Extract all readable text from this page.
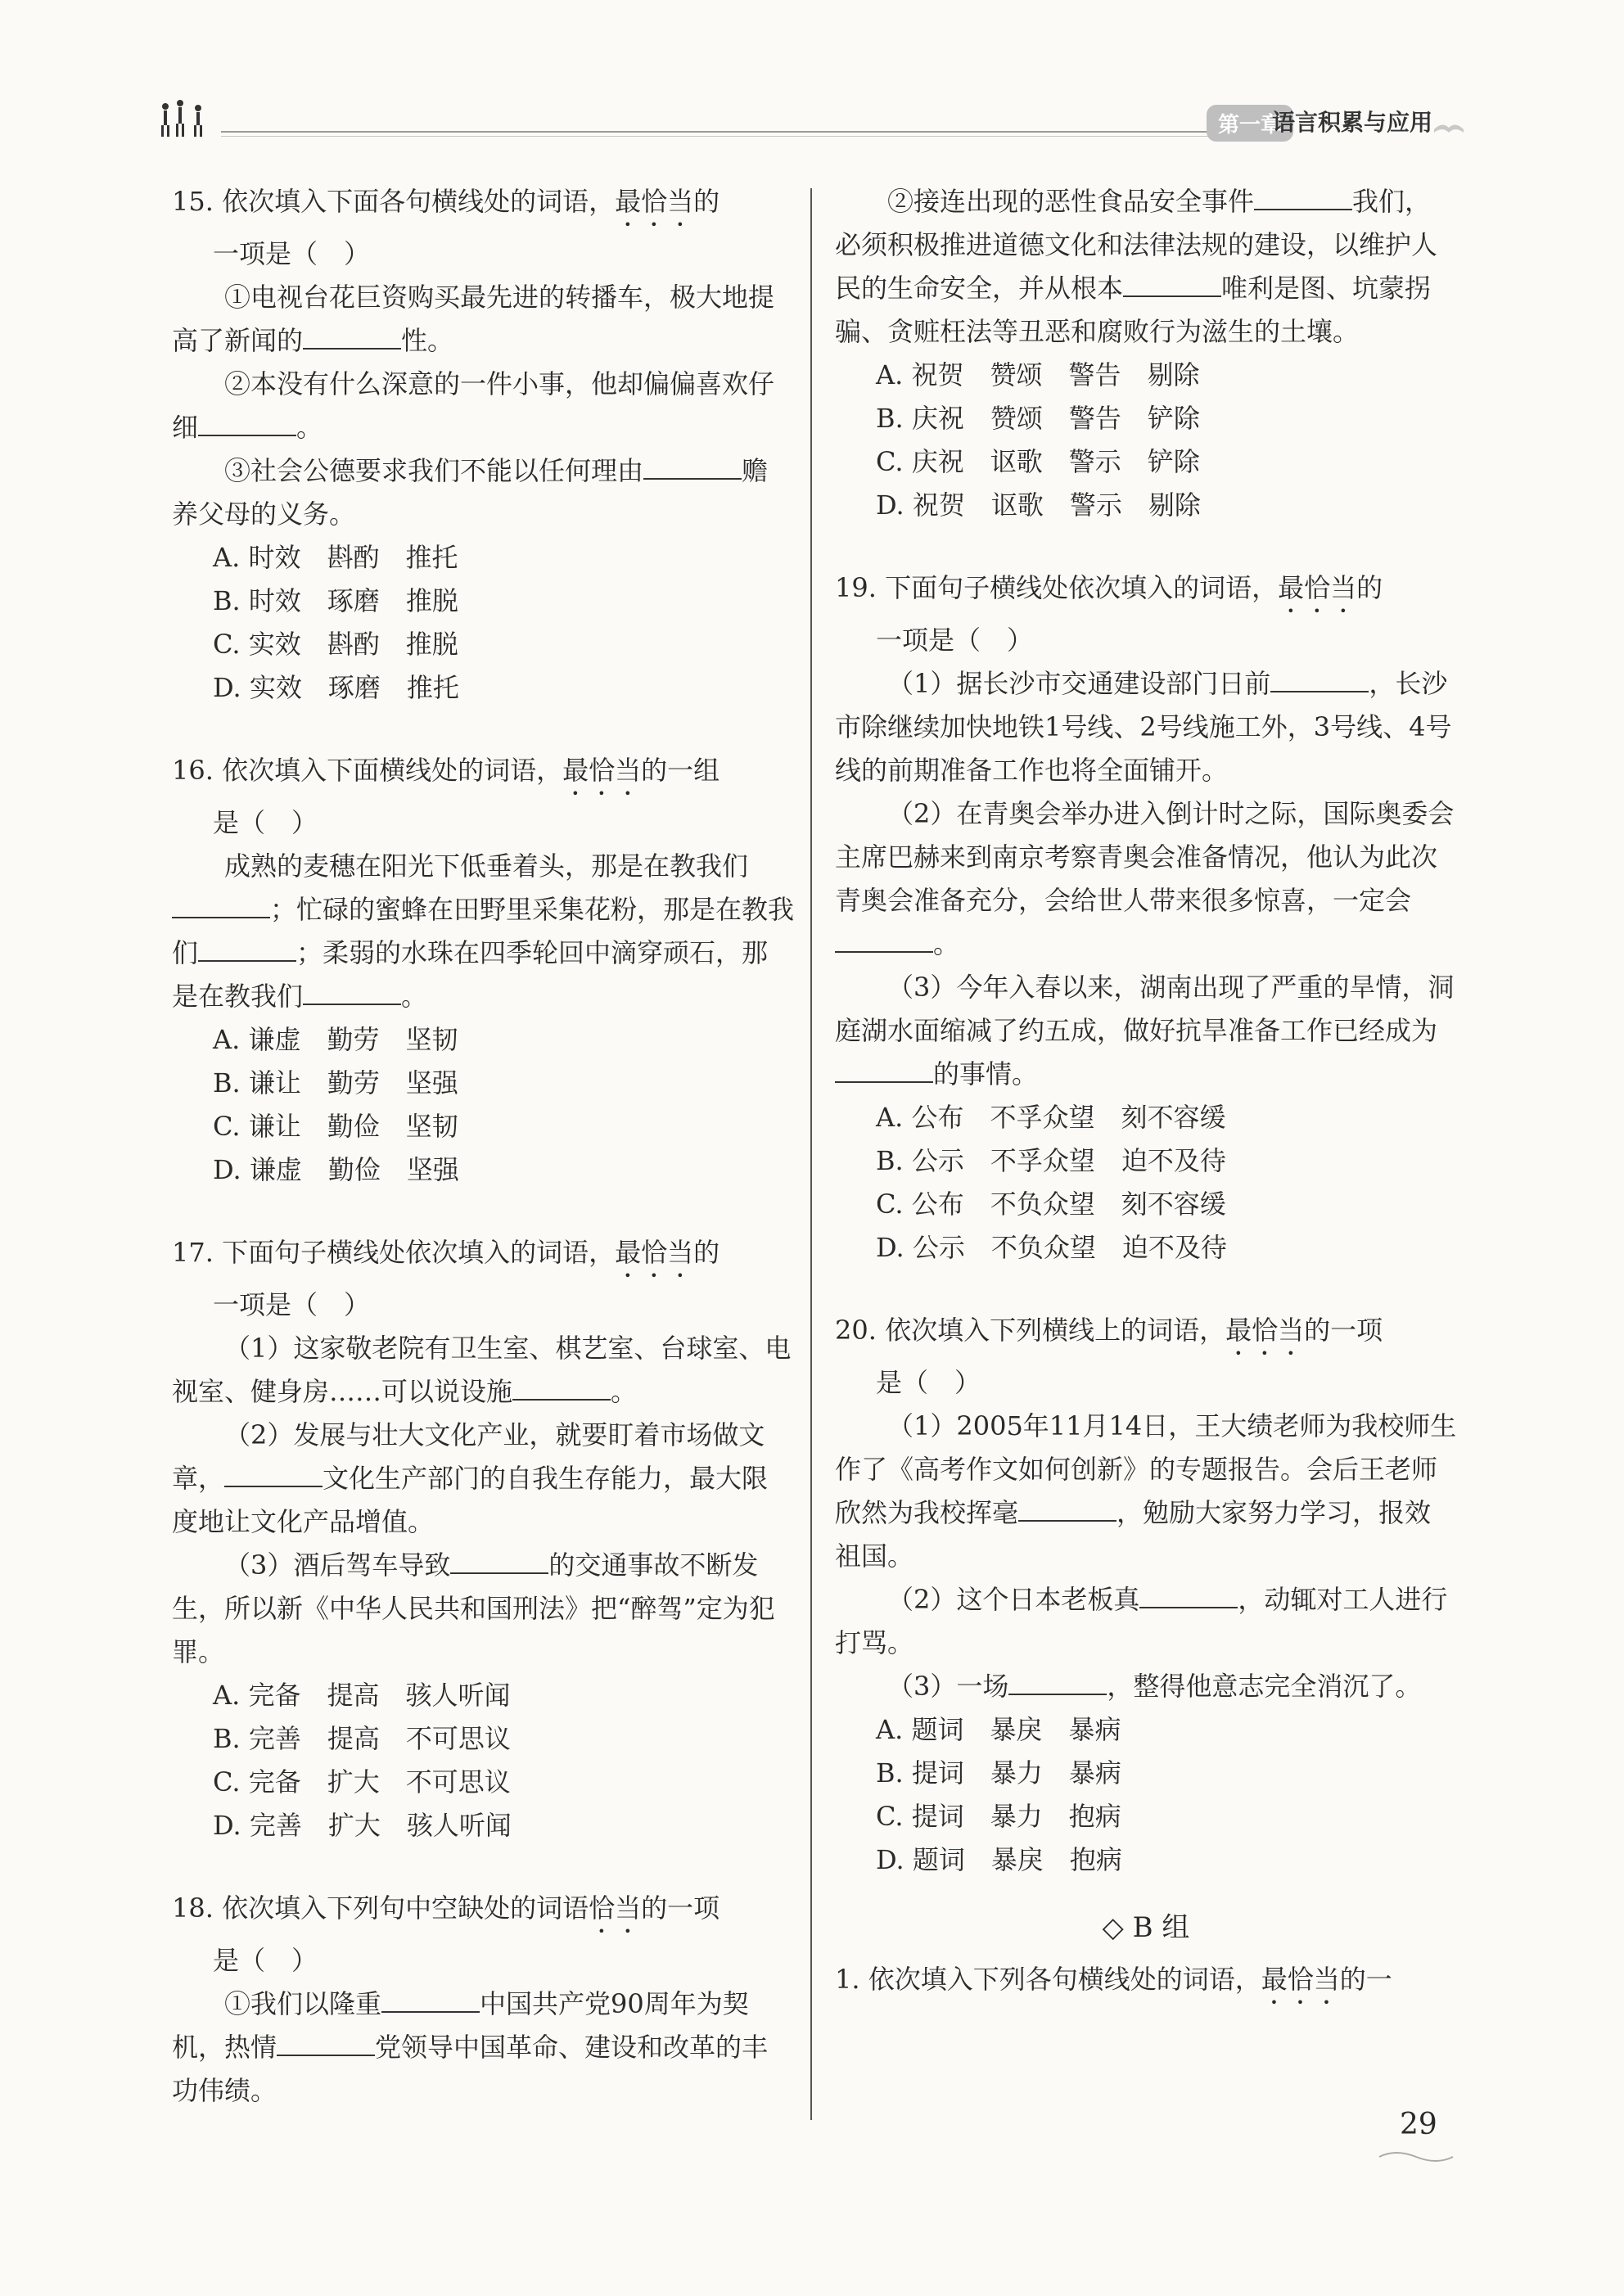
第一章
语言积累与应用
15. 依次填入下面各句横线处的词语，最恰当的
一项是（　）
①电视台花巨资购买最先进的转播车，极大地提高了新闻的	性。
②本没有什么深意的一件小事，他却偏偏喜欢仔细	。
③社会公德要求我们不能以任何理由	赡养父母的义务。
A. 时效　斟酌　推托
B. 时效　琢磨　推脱
C. 实效　斟酌　推脱
D. 实效　琢磨　推托
16. 依次填入下面横线处的词语，最恰当的一组
是（　）
成熟的麦穗在阳光下低垂着头，那是在教我们；忙碌的蜜蜂在田野里采集花粉，那是在教我们	；柔弱的水珠在四季轮回中滴穿顽石，那是在教我们	。
A. 谦虚　勤劳　坚韧
B. 谦让　勤劳　坚强
C. 谦让　勤俭　坚韧
D. 谦虚　勤俭　坚强
17. 下面句子横线处依次填入的词语，最恰当的
一项是（　）
（1）这家敬老院有卫生室、棋艺室、台球室、电视室、健身房……可以说设施	。
（2）发展与壮大文化产业，就要盯着市场做文章，	文化生产部门的自我生存能力，最大限度地让文化产品增值。
（3）酒后驾车导致	的交通事故不断发生，所以新《中华人民共和国刑法》把“醉驾”定为犯罪。
A. 完备　提高　骇人听闻
B. 完善　提高　不可思议
C. 完备　扩大　不可思议
D. 完善　扩大　骇人听闻
18. 依次填入下列句中空缺处的词语恰当的一项
是（　）
①我们以隆重	中国共产党90周年为契机，热情	党领导中国革命、建设和改革的丰功伟绩。
②接连出现的恶性食品安全事件	我们，必须积极推进道德文化和法律法规的建设，以维护人民的生命安全，并从根本	唯利是图、坑蒙拐骗、贪赃枉法等丑恶和腐败行为滋生的土壤。
A. 祝贺　赞颂　警告　剔除
B. 庆祝　赞颂　警告　铲除
C. 庆祝　讴歌　警示　铲除
D. 祝贺　讴歌　警示　剔除
19. 下面句子横线处依次填入的词语，最恰当的
一项是（　）
（1）据长沙市交通建设部门日前	，长沙市除继续加快地铁1号线、2号线施工外，3号线、4号线的前期准备工作也将全面铺开。
（2）在青奥会举办进入倒计时之际，国际奥委会主席巴赫来到南京考察青奥会准备情况，他认为此次青奥会准备充分，会给世人带来很多惊喜，一定会。
（3）今年入春以来，湖南出现了严重的旱情，洞庭湖水面缩减了约五成，做好抗旱准备工作已经成为的事情。
A. 公布　不孚众望　刻不容缓
B. 公示　不孚众望　迫不及待
C. 公布　不负众望　刻不容缓
D. 公示　不负众望　迫不及待
20. 依次填入下列横线上的词语，最恰当的一项
是（　）
（1）2005年11月14日，王大绩老师为我校师生作了《高考作文如何创新》的专题报告。会后王老师欣然为我校挥毫	，勉励大家努力学习，报效祖国。
（2）这个日本老板真	，动辄对工人进行打骂。
（3）一场	，整得他意志完全消沉了。
A. 题词　暴戾　暴病
B. 提词　暴力　暴病
C. 提词　暴力　抱病
D. 题词　暴戾　抱病
◇ B 组
1. 依次填入下列各句横线处的词语，最恰当的一
29
